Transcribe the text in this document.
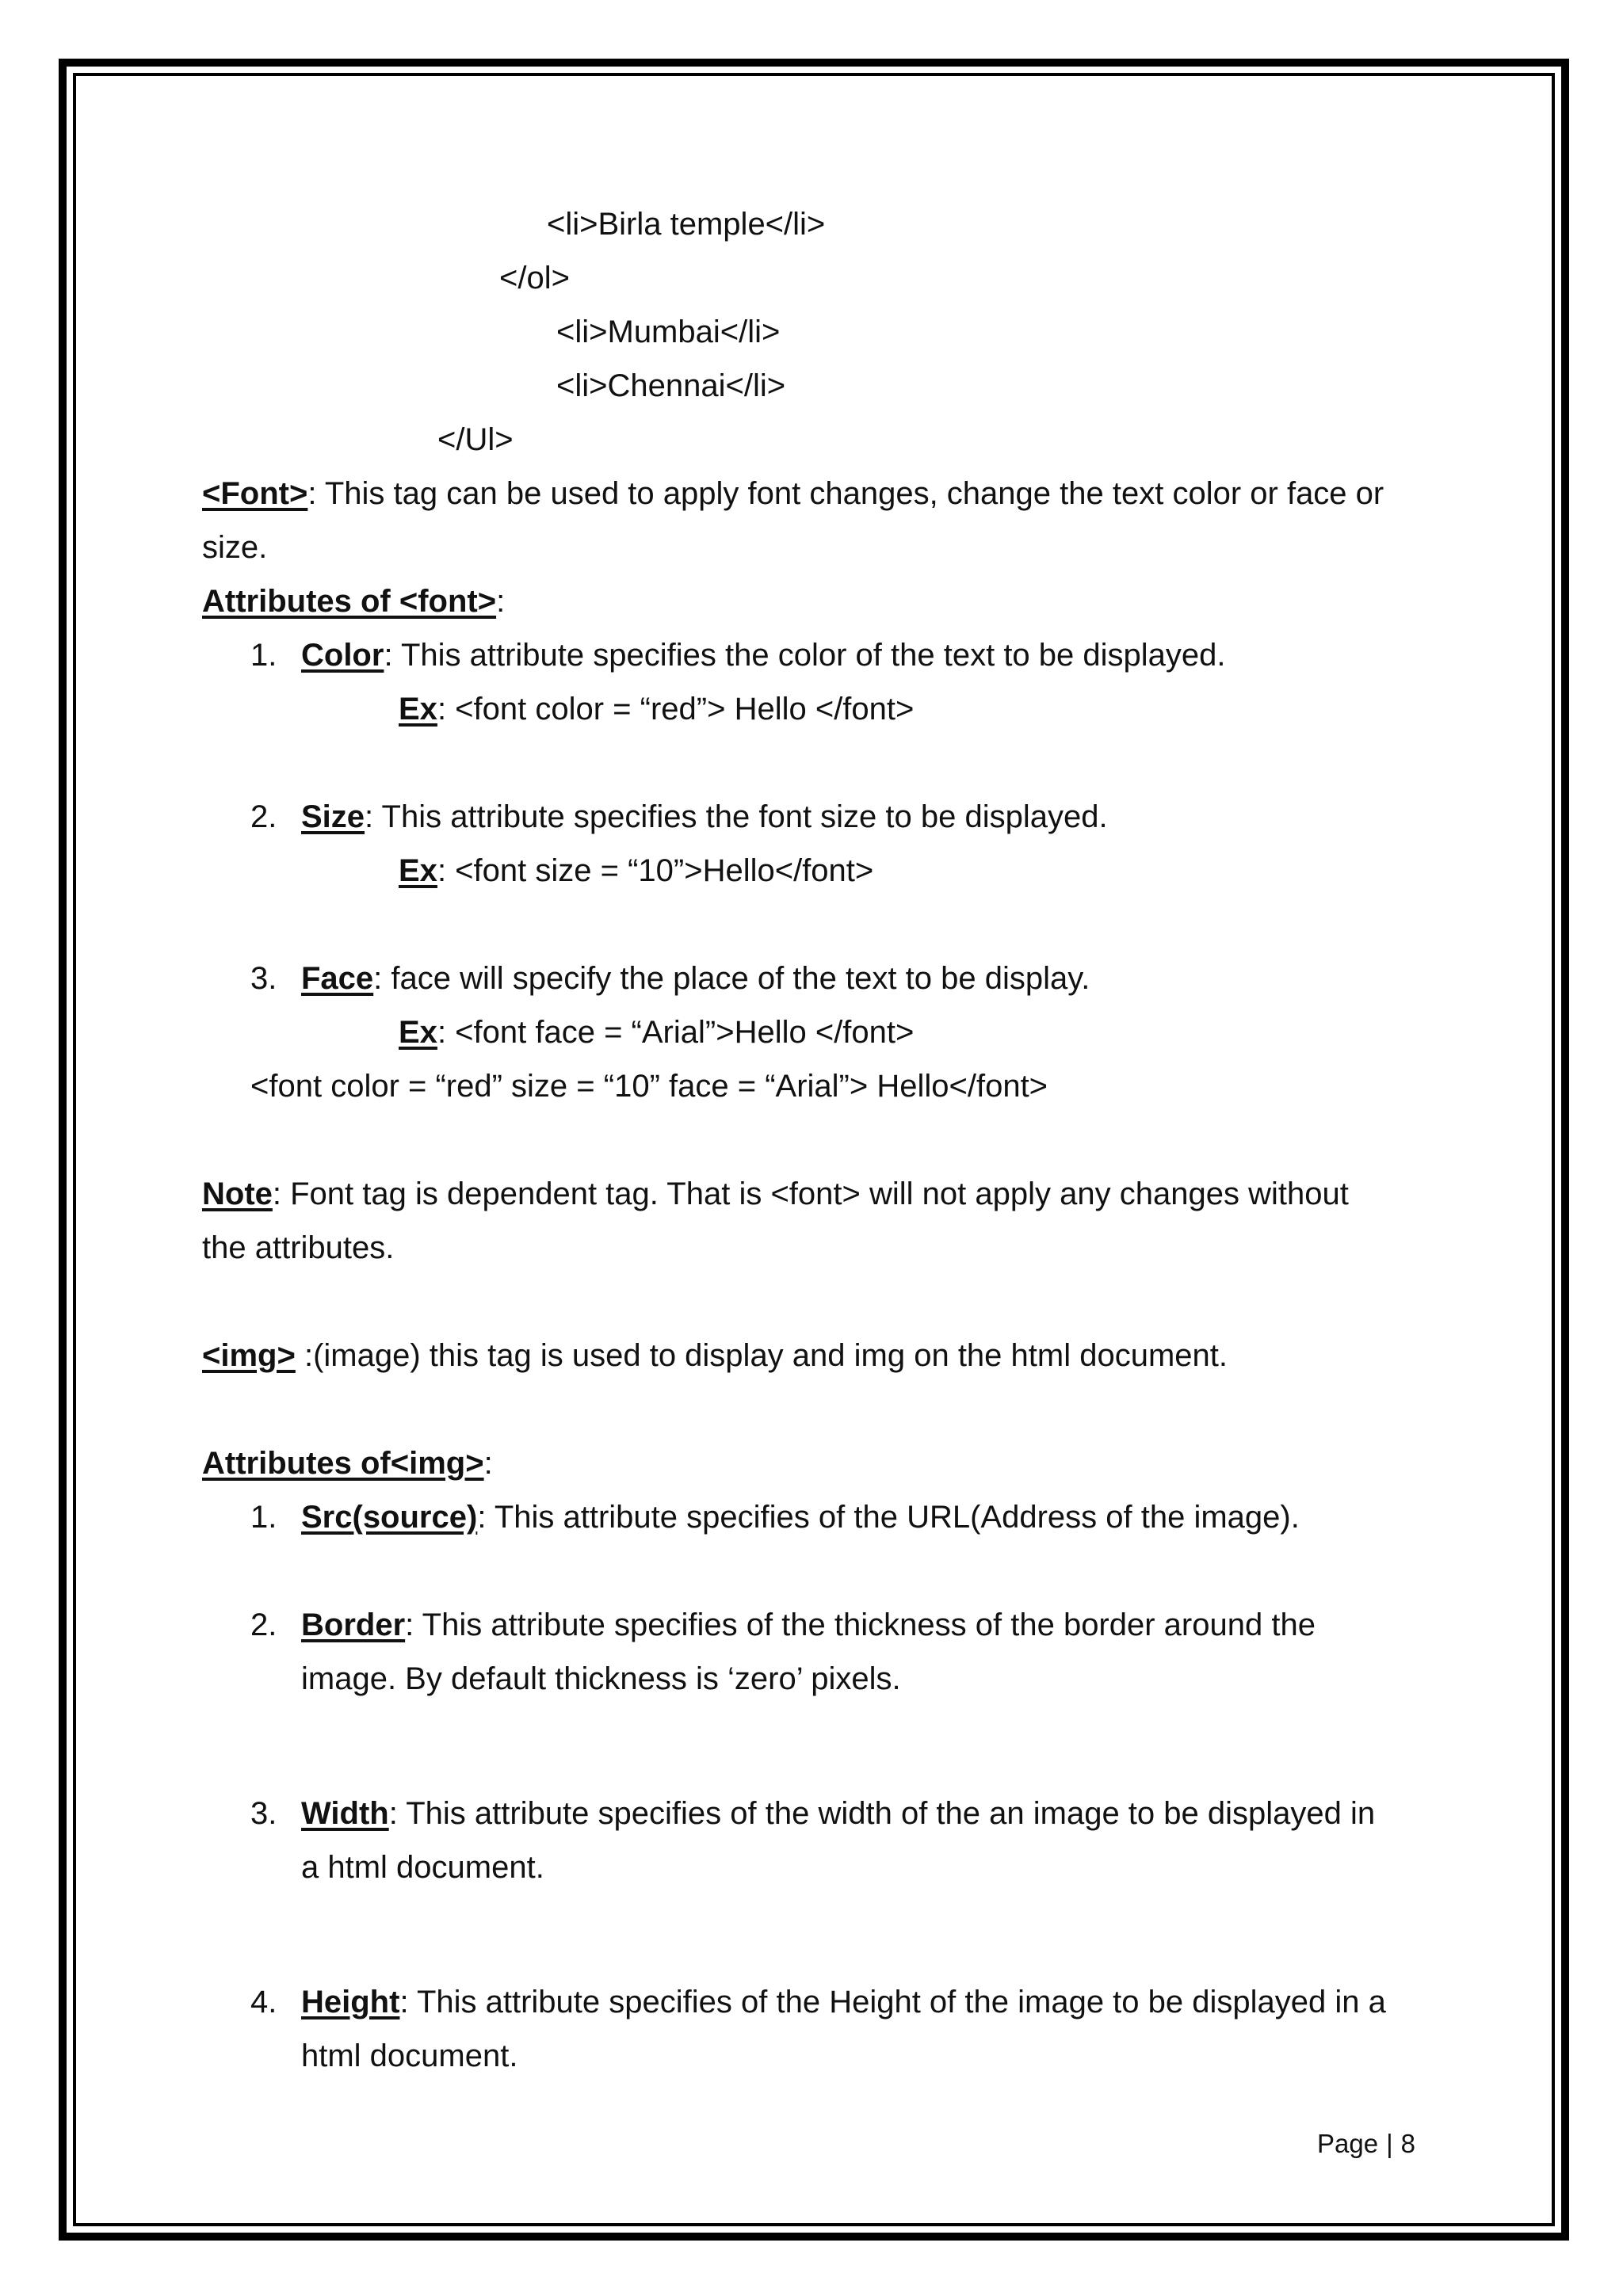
<li>Birla temple</li>
</ol>
<li>Mumbai</li>
<li>Chennai</li>
</Ul>
<Font>: This tag can be used to apply font changes, change the text color or face or
size.
Attributes of <font>:
1. Color: This attribute specifies the color of the text to be displayed.
Ex: <font color = “red”> Hello </font>
2. Size: This attribute specifies the font size to be displayed.
Ex: <font size = “10”>Hello</font>
3. Face: face will specify the place of the text to be display.
Ex: <font face = “Arial”>Hello </font>
<font color = “red” size = “10” face = “Arial”> Hello</font>
Note: Font tag is dependent tag. That is <font> will not apply any changes without
the attributes.
<img> :(image) this tag is used to display and img on the html document.
Attributes of<img>:
1. Src(source): This attribute specifies of the URL(Address of the image).
2. Border: This attribute specifies of the thickness of the border around the
image. By default thickness is ‘zero’ pixels.
3. Width: This attribute specifies of the width of the an image to be displayed in
a html document.
4. Height: This attribute specifies of the Height of the image to be displayed in a
html document.
Page | 8
